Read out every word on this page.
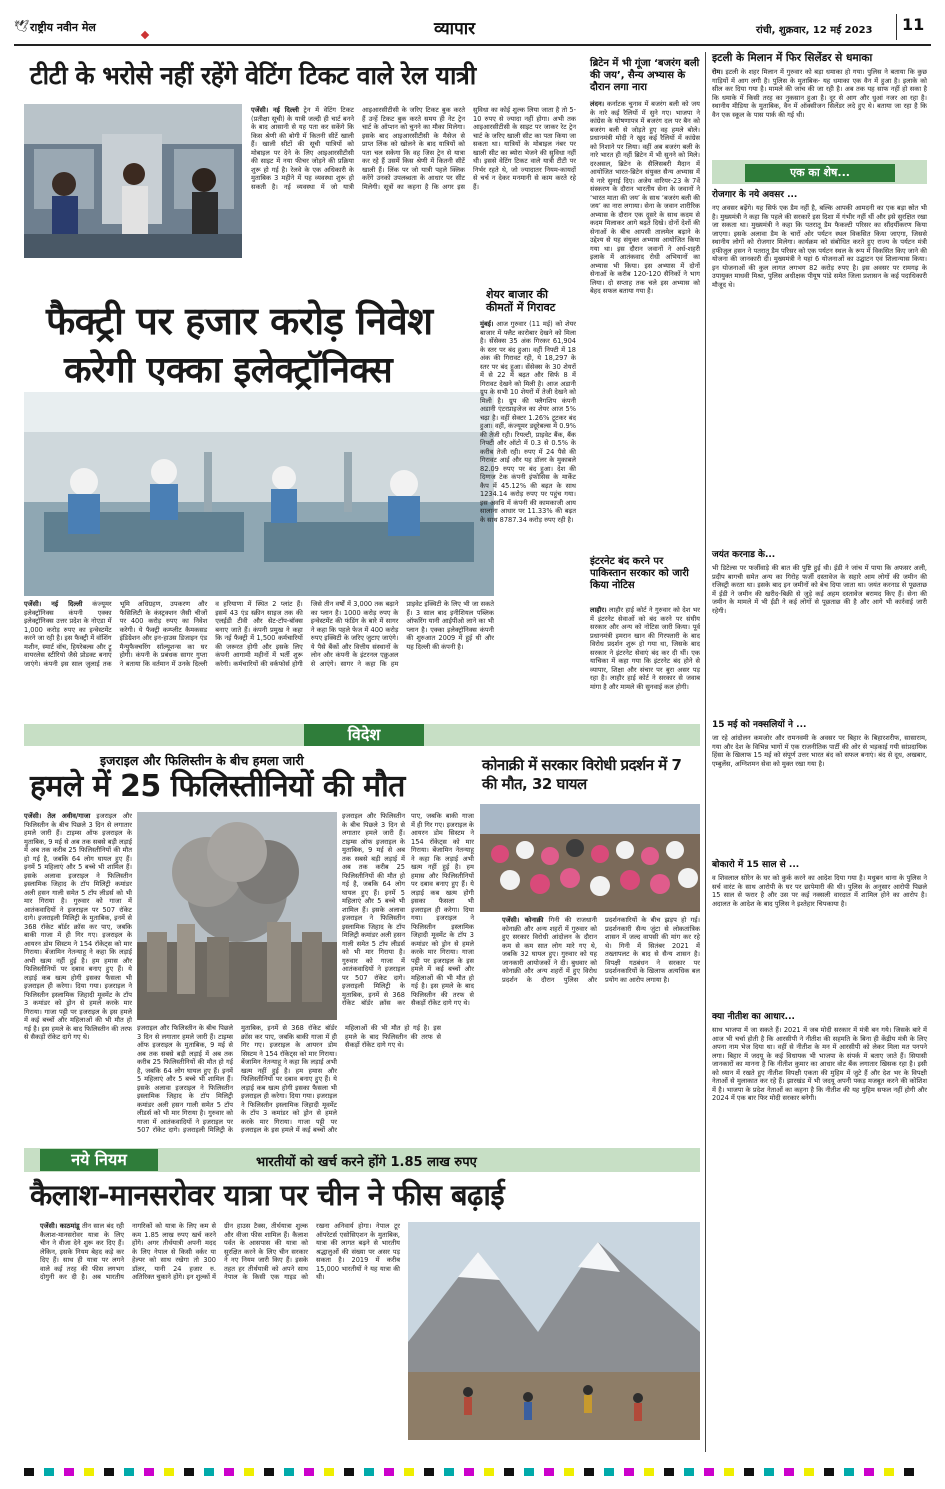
🕊 राष्ट्रीय नवीन मेल	व्यापार	रांची, शुक्रवार, 12 मई 2023 11
टीटी के भरोसे नहीं रहेंगे वेटिंग टिकट वाले रेल यात्री
एजेंसी। नई दिल्ली ट्रेन में वेटिंग टिकट (प्रतीक्षा सूची) के यात्री जल्दी ही चार्ट बनने के बाद आसानी से यह पता कर सकेंगे कि किस श्रेणी की बोगी में कितनी सीटें खाली हैं। खाली सीटों की सूची यात्रियों को मोबाइल पर देने के लिए आइआरसीटीसी की साइट में नया फीचर जोड़ने की प्रक्रिया शुरू हो गई है। रेलवे के एक अधिकारी के मुताबिक 3 महीने में यह व्यवस्था शुरू हो सकती है। नई व्यवस्था में जो यात्री आइआरसीटीसी के जरिए टिकट बुक करते हैं उन्हें टिकट बुक करते समय ही नेट ट्रेन चार्ट के ऑप्शन को चुनने का मौका मिलेगा। इसके बाद आइआरसीटीसी के मैसेज से प्राप्त लिंक को खोलने के बाद यात्रियों को पता चल सकेगा कि वह जिस ट्रेन से यात्रा कर रहे हैं उसमें किस श्रेणी में कितनी सीटें खाली हैं। लिंक पर जो यात्री पहले क्लिक करेंगे उनको उपलब्धता के आधार पर सीट मिलेगी। सूत्रों का कहना है कि अगर इस सुविधा का कोई शुल्क लिया जाता है तो 5-10 रुपए से ज्यादा नहीं होगा। अभी तक आइआरसीटीसी के साइट पर जाकर रेट ट्रेन चार्ट के जरिए खाली सीट का पता किया जा सकता था। यात्रियों के मोबाइल नंबर पर खाली सीट का ब्योरा भेजने की सुविधा नहीं थी। इससे वेटिंग टिकट वाले यात्री टीटी पर निर्भर रहते थे, जो ज्यादातर नियम-कायदों से चर्च न देकर मनमानी से काम करते रहे हैं।
फैक्ट्री पर हजार करोड़ निवेश
करेगी एक्का इलेक्ट्रॉनिक्स
एजेंसी। नई दिल्ली कंज्यूमर इलेक्ट्रॉनिक्स कंपनी एक्का इलेक्ट्रॉनिक्स उत्तर प्रदेश के नोएडा में 1,000 करोड़ रुपए का इन्वेस्टमेंट करने जा रही है। इस फैक्ट्री में वॉशिंग मशीन, स्मार्ट वॉच, हियरेबल्स और ट्रू वायरलेस स्टीरियो जैसे प्रोडक्ट बनाए जाएंगे। कंपनी इस साल जुलाई तक भूमि अधिग्रहण, उपकरण और फैसिलिटी के कंस्ट्रक्शन जैसी चीजों पर 400 करोड़ रुपए का निवेश करेगी। ये फैक्ट्री कम्प्लीट कैमकसड इंडिग्रेशन और इन-हाउस डिजाइन एंड मैन्युफैक्चरिंग सॉल्यूशन्स का घर होगी। कंपनी के प्रबंधक सागर गुप्ता ने बताया कि वर्तमान में उनके दिल्ली व हरियाणा में स्थित 2 प्लांट हैं। इसमें 43 एंड स्क्रीन साइज तक की एलईडी टीवी और सेट-टॉप-बॉक्स बनाए जाते हैं। कंपनी प्रमुख ने कहा कि नई फैक्ट्री में 1,500 कर्मचारियों की जरूरत होगी और इसके लिए कंपनी आगामी महीनों में भर्ती शुरू करेगी। कर्मचारियों की वर्कफोर्स होगी जिसे तीन वर्षों में 3,000 तक बढ़ाने का प्लान है। 1000 करोड़ रुपए के इन्वेस्टमेंट की फंडिंग के बारे में सागर ने कहा कि पहले फेज में 400 करोड़ रुपए इक्विटी के जरिए जुटाए जाएंगे। ये पैसे बैंकों और वित्तीय संस्थानों के लोन और कंपनी के इंटरनल एक्रुअल से आएंगे। सागर ने कहा कि हम प्राइवेट इक्विटी के लिए भी जा सकते हैं। 3 साल बाद इनीशियल पब्लिक ऑफरिंग यानी आईपीओ लाने का भी प्लान है। एक्का इलेक्ट्रॉनिक्स कंपनी की शुरुआत 2009 में हुई थी और यह दिल्ली की कंपनी है।
शेयर बाजार की कीमतों में गिरावट
मुंबई। आज गुरुवार (11 मई) को शेयर बाजार में फ्लैट कारोबार देखने को मिला है। सेंसेक्स 35 अंक गिरकर 61,904 के स्तर पर बंद हुआ। वहीं निफ्टी में 18 अंक की गिरावट रही, ये 18,297 के स्तर पर बंद हुआ। सेंसेक्स के 30 शेयरों में से 22 में बढ़त और सिर्फ 8 में गिरावट देखने को मिली है। आज अडानी ग्रुप के सभी 10 शेयरों में तेजी देखने को मिली है। ग्रुप की फ्लैगशिप कंपनी अडानी एंटरप्राइजेज का शेयर आज 5% चढ़ा है। वहीं सेक्टर 1.26% टूटकर बंद हुआ। वहीं, कंज्यूमर ड्यूरेबल्स में 0.9% की तेजी रही। रियल्टी, प्राइवेट बैंक, बैंक निफ्टी और ऑटो में 0.3 से 0.5% के करीब तेजी रही। रुपए में 24 पैसे की गिरावट आई और यह डॉलर के मुकाबले 82.09 रुपए पर बंद हुआ। देश की दिग्गज टेक कंपनी इंफोसिस के मार्केट कैप में 45.12% की बढ़त के साथ 1234.14 करोड़ रुपए पर पहुंच गया। इस अवधि में कंपनी की कामकाजी आय सालाना आधार पर 11.33% की बढ़त के साथ 8787.34 करोड़ रुपए रही है।
ब्रिटेन में भी गूंजा ‘बजरंग बली की जय’, सैन्य अभ्यास के दौरान लगा नारा
लंदन। कर्नाटक चुनाव में बजरंग बली को जय के नारे कई रैलियों में सुने गए। भाजपा ने कांग्रेस के घोषणापत्र में बजरंग दल पर बैन को बजरंग बली से जोड़ते हुए वह हमले बोले। प्रधानमंत्री मोदी ने खुद कई रैलियों में कांग्रेस को निशाने पर लिया। वहीं अब बजरंग बली के नारे भारत ही नहीं ब्रिटेन में भी सुनने को मिले। दरअसल, ब्रिटेन के सैलिसबरी मैदान में आयोजित भारत-ब्रिटेन संयुक्त सैन्य अभ्यास में ये नारे सुनाई दिए। अजेय वारियर-23 के 7वें संस्करण के दौरान भारतीय सेना के जवानों ने ‘भारत माता की जय’ के साथ ‘बजरंग बली की जय’ का नारा लगाया। सेना के जवान शारीरिक अभ्यास के दौरान एक दूसरे के साथ कदम से कदम मिलाकर आगे बढ़ते दिखे। दोनों देशों की सेनाओं के बीच आपसी तालमेल बढ़ाने के उद्देश्य से यह संयुक्त अभ्यास आयोजित किया गया था। इस दौरान जवानों ने अर्ध-शहरी इलाके में आतंकवाद रोधी अभियानों का अभ्यास भी किया। इस अभ्यास में दोनों सेनाओं के करीब 120-120 सैनिकों ने भाग लिया। दो सप्ताह तक चले इस अभ्यास को बेहद सफल बताया गया है।
इंटरनेट बंद करने पर पाकिस्तान सरकार को जारी किया नोटिस
लाहौर। लाहौर हाई कोर्ट ने गुरुवार को देश भर में इंटरनेट सेवाओं को बंद करने पर संघीय सरकार और अन्य को नोटिस जारी किया। पूर्व प्रधानमंत्री इमरान खान की गिरफ्तारी के बाद विरोध प्रदर्शन शुरू हो गया था, जिसके बाद सरकार ने इंटरनेट सेवाएं बंद कर दी थीं। एक याचिका में कहा गया कि इंटरनेट बंद होने से व्यापार, शिक्षा और संचार पर बुरा असर पड़ रहा है। लाहौर हाई कोर्ट ने सरकार से जवाब मांगा है और मामले की सुनवाई कल होगी।
इटली के मिलान में फिर सिलेंडर से धमाका
रोम। इटली के शहर मिलान में गुरुवार को बड़ा धमाका हो गया। पुलिस ने बताया कि कुछ गाड़ियों में आग लगी है। पुलिस के मुताबिक- यह धमाका एक वैन में हुआ है। इलाके को सील कर दिया गया है। मामले की जांच की जा रही है। अब तक यह साफ नहीं हो सका है कि धमाके में किसी तरह का नुकसान हुआ है। दूर से आग और धुआं नजर आ रहा है। स्थानीय मीडिया के मुताबिक, वैन में ऑक्सीजन सिलेंडर लदे हुए थे। बताया जा रहा है कि वैन एक स्कूल के पास पार्क की गई थी।
एक का शेष...
रोजगार के नये अवसर ...
नए अवसर बढ़ेंगे। यह सिर्फ एक डैम नहीं है, बल्कि आपकी आमदनी का एक बड़ा स्रोत भी है। मुख्यमंत्री ने कहा कि पहले की सरकारें इस दिशा में गंभीर नहीं थीं और इसे सुरक्षित रखा जा सकता था। मुख्यमंत्री ने कहा कि पतरातू डैम फैकल्टी परिसर का सौंदर्यीकरण किया जाएगा। इसके अलावा डैम के चारों ओर पर्यटन स्थल विकसित किया जाएगा, जिससे स्थानीय लोगों को रोजगार मिलेगा। कार्यक्रम को संबोधित करते हुए राज्य के पर्यटन मंत्री हफीजुल हसन ने पतरातू डैम परिसर को एक पर्यटन स्थल के रूप में विकसित किए जाने की योजना की जानकारी दी। मुख्यमंत्री ने यहां 6 योजनाओं का उद्घाटन एवं शिलान्यास किया। इन योजनाओं की कुल लागत लगभग 82 करोड़ रुपए है। इस अवसर पर रामगढ़ के उपायुक्त माधवी मिश्रा, पुलिस अधीक्षक पीयूष पांडे समेत जिला प्रशासन के कई पदाधिकारी मौजूद थे।
जयंत करनाड के...
भी डिटेल्स पर फर्जीवाड़े की बात की पुष्टि हुई थी। ईडी ने जांच में पाया कि अफसर अली, प्रदीप बागची समेत अन्य का गिरोह फर्जी दस्तावेज के सहारे आम लोगों की जमीन की रजिस्ट्री करता था। इसके बाद इन जमीनों को बेच दिया जाता था। जयंत करनाड से पूछताछ में ईडी ने जमीन की खरीद-बिक्री से जुड़े कई अहम दस्तावेज बरामद किए हैं। सेना की जमीन के मामले में भी ईडी ने कई लोगों से पूछताछ की है और आगे भी कार्रवाई जारी रहेगी।
15 मई को नक्सलियों ने ...
जा रहे आंदोलन कमजोर और रामनवमी के अवसर पर बिहार के बिहारशरीफ, सासाराम, गया और देश के विभिन्न भागों में एक राजनीतिक पार्टी की ओर से भड़काई गयी सांप्रदायिक हिंसा के खिलाफ 15 मई को संपूर्ण उत्तर भारत बंद को सफल बनाएं। बंद से दूध, अखबार, एम्बुलेंस, अग्निशमन सेवा को मुक्त रखा गया है।
बोकारो में 15 साल से ...
व शिवलाल सोरेन के घर को कुर्क करने का आदेश दिया गया है। मधुबन थाना के पुलिस ने सर्च वारंट के साथ आरोपी के घर पर छापेमारी की थी। पुलिस के अनुसार आरोपी पिछले 15 साल से फरार है और उस पर कई नक्सली वारदात में शामिल होने का आरोप है। अदालत के आदेश के बाद पुलिस ने इश्तेहार चिपकाया है।
क्या नीतीश का आधार...
साथ भाजपा में जा सकते हैं। 2021 में जब मोदी सरकार में मंत्री बन गये। जिसके बारे में आज भी चर्चा होती है कि आरसीपी ने नीतीश की सहमति के बिना ही केंद्रीय मंत्री के लिए अपना नाम भेज दिया था। वहीं से नीतीश के मन में आरसीपी को लेकर मिला मत पनपने लगा। बिहार में जदयू के कई विधायक भी भाजपा के संपर्क में बताए जाते हैं। सियासी जानकारों का मानना है कि नीतीश कुमार का आधार वोट बैंक लगातार खिसक रहा है। इसी को ध्यान में रखते हुए नीतीश विपक्षी एकता की मुहिम में जुटे हैं और देश भर के विपक्षी नेताओं से मुलाकात कर रहे हैं। झारखंड में भी जदयू अपनी पकड़ मजबूत करने की कोशिश में है। भाजपा के प्रदेश नेताओं का कहना है कि नीतीश की यह मुहिम सफल नहीं होगी और 2024 में एक बार फिर मोदी सरकार बनेगी।
विदेश
इजराइल और फिलिस्तीन के बीच हमला जारी
हमले में 25 फिलिस्तीनियों की मौत
एजेंसी। तेल अवीव/गाजा इजराइल और फिलिस्तीन के बीच पिछले 3 दिन से लगातार हमले जारी हैं। टाइम्स ऑफ इजराइल के मुताबिक, 9 मई से अब तक सबसे बड़ी लड़ाई में अब तक करीब 25 फिलिस्तीनियों की मौत हो गई है, जबकि 64 लोग घायल हुए हैं। इनमें 5 महिलाएं और 5 बच्चे भी शामिल हैं। इसके अलावा इजराइल ने फिलिस्तीन इस्लामिक जिहाद के टॉप मिलिट्री कमांडर अली हसन गाली समेत 5 टॉप लीडर्स को भी मार गिराया है। गुरुवार को गाजा में आतंकवादियों ने इजराइल पर 507 रॉकेट दागे। इजराइली मिलिट्री के मुताबिक, इनमें से 368 रॉकेट बॉर्डर क्रॉस कर पाए, जबकि बाकी गाजा में ही गिर गए। इजराइल के आयरन डोम सिस्टम ने 154 रॉकेट्स को मार गिराया। बेंजामिन नेतन्याहू ने कहा कि लड़ाई अभी खत्म नहीं हुई है। हम हमास और फिलिस्तीनियों पर दबाव बनाए हुए हैं। ये लड़ाई कब खत्म होगी इसका फैसला भी इजराइल ही करेगा। दिया गया। इजराइल ने फिलिस्तीन इस्लामिक जिहादी मूवमेंट के टॉप 3 कमांडर को ड्रोन से हमले करके मार गिराया। गाजा पट्टी पर इजराइल के इस हमले में कई बच्चों और महिलाओं की भी मौत हो गई है। इस हमले के बाद फिलिस्तीन की तरफ से सैकड़ों रॉकेट दागे गए थे।
इजराइल और फिलिस्तीन के बीच पिछले 3 दिन से लगातार हमले जारी हैं। टाइम्स ऑफ इजराइल के मुताबिक, 9 मई से अब तक सबसे बड़ी लड़ाई में अब तक करीब 25 फिलिस्तीनियों की मौत हो गई है, जबकि 64 लोग घायल हुए हैं। इनमें 5 महिलाएं और 5 बच्चे भी शामिल हैं। इसके अलावा इजराइल ने फिलिस्तीन इस्लामिक जिहाद के टॉप मिलिट्री कमांडर अली हसन गाली समेत 5 टॉप लीडर्स को भी मार गिराया है। गुरुवार को गाजा में आतंकवादियों ने इजराइल पर 507 रॉकेट दागे। इजराइली मिलिट्री के मुताबिक, इनमें से 368 रॉकेट बॉर्डर क्रॉस कर पाए, जबकि बाकी गाजा में ही गिर गए। इजराइल के आयरन डोम सिस्टम ने 154 रॉकेट्स को मार गिराया। बेंजामिन नेतन्याहू ने कहा कि लड़ाई अभी खत्म नहीं हुई है। हम हमास और फिलिस्तीनियों पर दबाव बनाए हुए हैं। ये लड़ाई कब खत्म होगी इसका फैसला भी इजराइल ही करेगा। दिया गया। इजराइल ने फिलिस्तीन इस्लामिक जिहादी मूवमेंट के टॉप 3 कमांडर को ड्रोन से हमले करके मार गिराया। गाजा पट्टी पर इजराइल के इस हमले में कई बच्चों और महिलाओं की भी मौत हो गई है। इस हमले के बाद फिलिस्तीन की तरफ से सैकड़ों रॉकेट दागे गए थे।
इजराइल और फिलिस्तीन के बीच पिछले 3 दिन से लगातार हमले जारी हैं। टाइम्स ऑफ इजराइल के मुताबिक, 9 मई से अब तक सबसे बड़ी लड़ाई में अब तक करीब 25 फिलिस्तीनियों की मौत हो गई है, जबकि 64 लोग घायल हुए हैं। इनमें 5 महिलाएं और 5 बच्चे भी शामिल हैं। इसके अलावा इजराइल ने फिलिस्तीन इस्लामिक जिहाद के टॉप मिलिट्री कमांडर अली हसन गाली समेत 5 टॉप लीडर्स को भी मार गिराया है। गुरुवार को गाजा में आतंकवादियों ने इजराइल पर 507 रॉकेट दागे। इजराइली मिलिट्री के मुताबिक, इनमें से 368 रॉकेट बॉर्डर क्रॉस कर पाए, जबकि बाकी गाजा में ही गिर गए। इजराइल के आयरन डोम सिस्टम ने 154 रॉकेट्स को मार गिराया। बेंजामिन नेतन्याहू ने कहा कि लड़ाई अभी खत्म नहीं हुई है। हम हमास और फिलिस्तीनियों पर दबाव बनाए हुए हैं। ये लड़ाई कब खत्म होगी इसका फैसला भी इजराइल ही करेगा। दिया गया। इजराइल ने फिलिस्तीन इस्लामिक जिहादी मूवमेंट के टॉप 3 कमांडर को ड्रोन से हमले करके मार गिराया। गाजा पट्टी पर इजराइल के इस हमले में कई बच्चों और महिलाओं की भी मौत हो गई है। इस हमले के बाद फिलिस्तीन की तरफ से सैकड़ों रॉकेट दागे गए थे।
कोनाक्री में सरकार विरोधी प्रदर्शन में 7 की मौत, 32 घायल
एजेंसी। कोनाक्री गिनी की राजधानी कोनाक्री और अन्य शहरों में गुरुवार को हुए सरकार विरोधी आंदोलन के दौरान कम से कम सात लोग मारे गए थे, जबकि 32 घायल हुए। गुरुवार को यह जानकारी आयोजकों ने दी। बुधवार को कोनाक्री और अन्य शहरों में हुए विरोध प्रदर्शन के दौरान पुलिस और प्रदर्शनकारियों के बीच झड़प हो गई। प्रदर्शनकारी सैन्य जुंटा से लोकतांत्रिक शासन में जल्द वापसी की मांग कर रहे थे। गिनी में सितंबर 2021 में तख्तापलट के बाद से सैन्य शासन है। विपक्षी गठबंधन ने सरकार पर प्रदर्शनकारियों के खिलाफ अत्यधिक बल प्रयोग का आरोप लगाया है।
नये नियम	भारतीयों को खर्च करने होंगे 1.85 लाख रुपए
कैलाश-मानसरोवर यात्रा पर चीन ने फीस बढ़ाई
एजेंसी। काठमांडू तीन साल बंद रही कैलाश-मानसरोवर यात्रा के लिए चीन ने वीजा देने शुरू कर दिए हैं। लेकिन, इसके नियम बेहद कड़े कर दिए हैं। साथ ही यात्रा पर लगने वाले कई तरह की फीस लगभग दोगुनी कर दी है। अब भारतीय नागरिकों को यात्रा के लिए कम से कम 1.85 लाख रुपए खर्च करने होंगे। अगर तीर्थयात्री अपनी मदद के लिए नेपाल से किसी वर्कर या हेल्पर को साथ रखेगा तो 300 डॉलर, यानी 24 हजार रु. अतिरिक्त चुकाने होंगे। इन शुल्कों में ग्रीन हाउस टैक्स, तीर्थयात्रा शुल्क और वीजा फीस शामिल हैं। कैलाश पर्वत के आसपास की यात्रा को सुरक्षित करने के लिए चीन सरकार ने नए नियम जारी किए हैं। इसके तहत हर तीर्थयात्री को अपने साथ नेपाल के किसी एक गाइड को रखना अनिवार्य होगा। नेपाल टूर ऑपरेटर्स एसोसिएशन के मुताबिक, यात्रा की लागत बढ़ने से भारतीय श्रद्धालुओं की संख्या पर असर पड़ सकता है। 2019 में करीब 15,000 भारतीयों ने यह यात्रा की थी।
